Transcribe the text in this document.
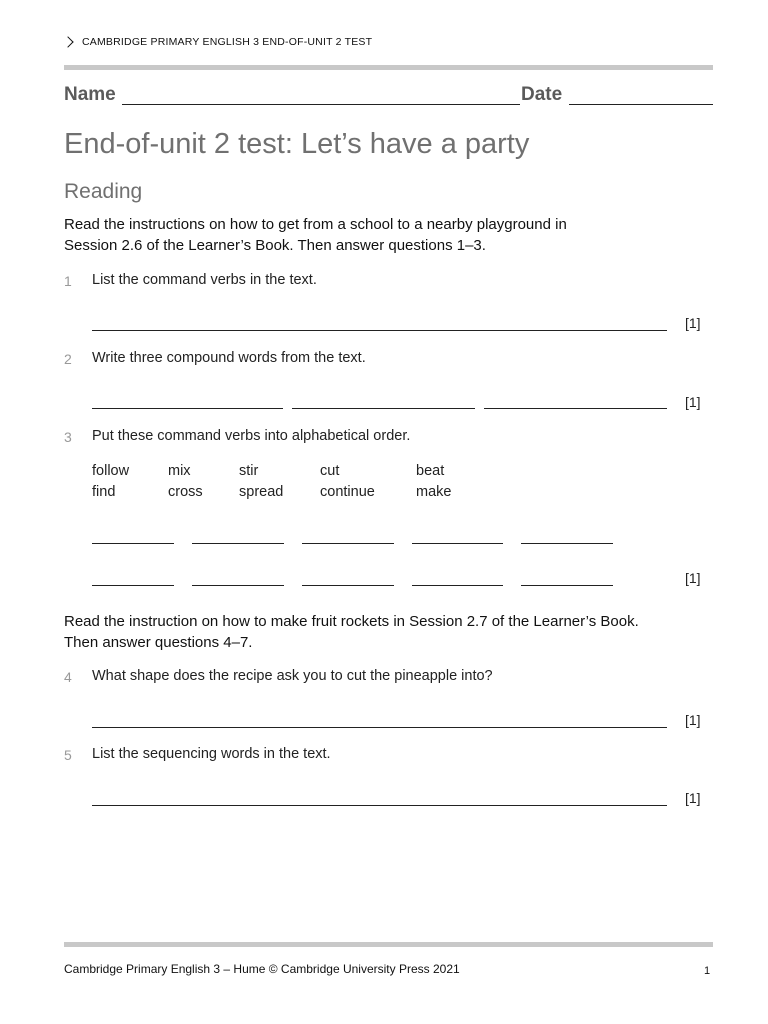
CAMBRIDGE PRIMARY ENGLISH 3 END-OF-UNIT 2 TEST
Name	Date
End-of-unit 2 test: Let’s have a party
Reading
Read the instructions on how to get from a school to a nearby playground in
Session 2.6 of the Learner’s Book. Then answer questions 1–3.
1 List the command verbs in the text.
[1]
2 Write three compound words from the text.
[1]
3 Put these command verbs into alphabetical order.
follow	mix	stir	cut	beat
find	cross	spread	continue	make
[1]
Read the instruction on how to make fruit rockets in Session 2.7 of the Learner’s Book.
Then answer questions 4–7.
4 What shape does the recipe ask you to cut the pineapple into?
[1]
5 List the sequencing words in the text.
[1]
Cambridge Primary English 3 – Hume © Cambridge University Press 2021	1
